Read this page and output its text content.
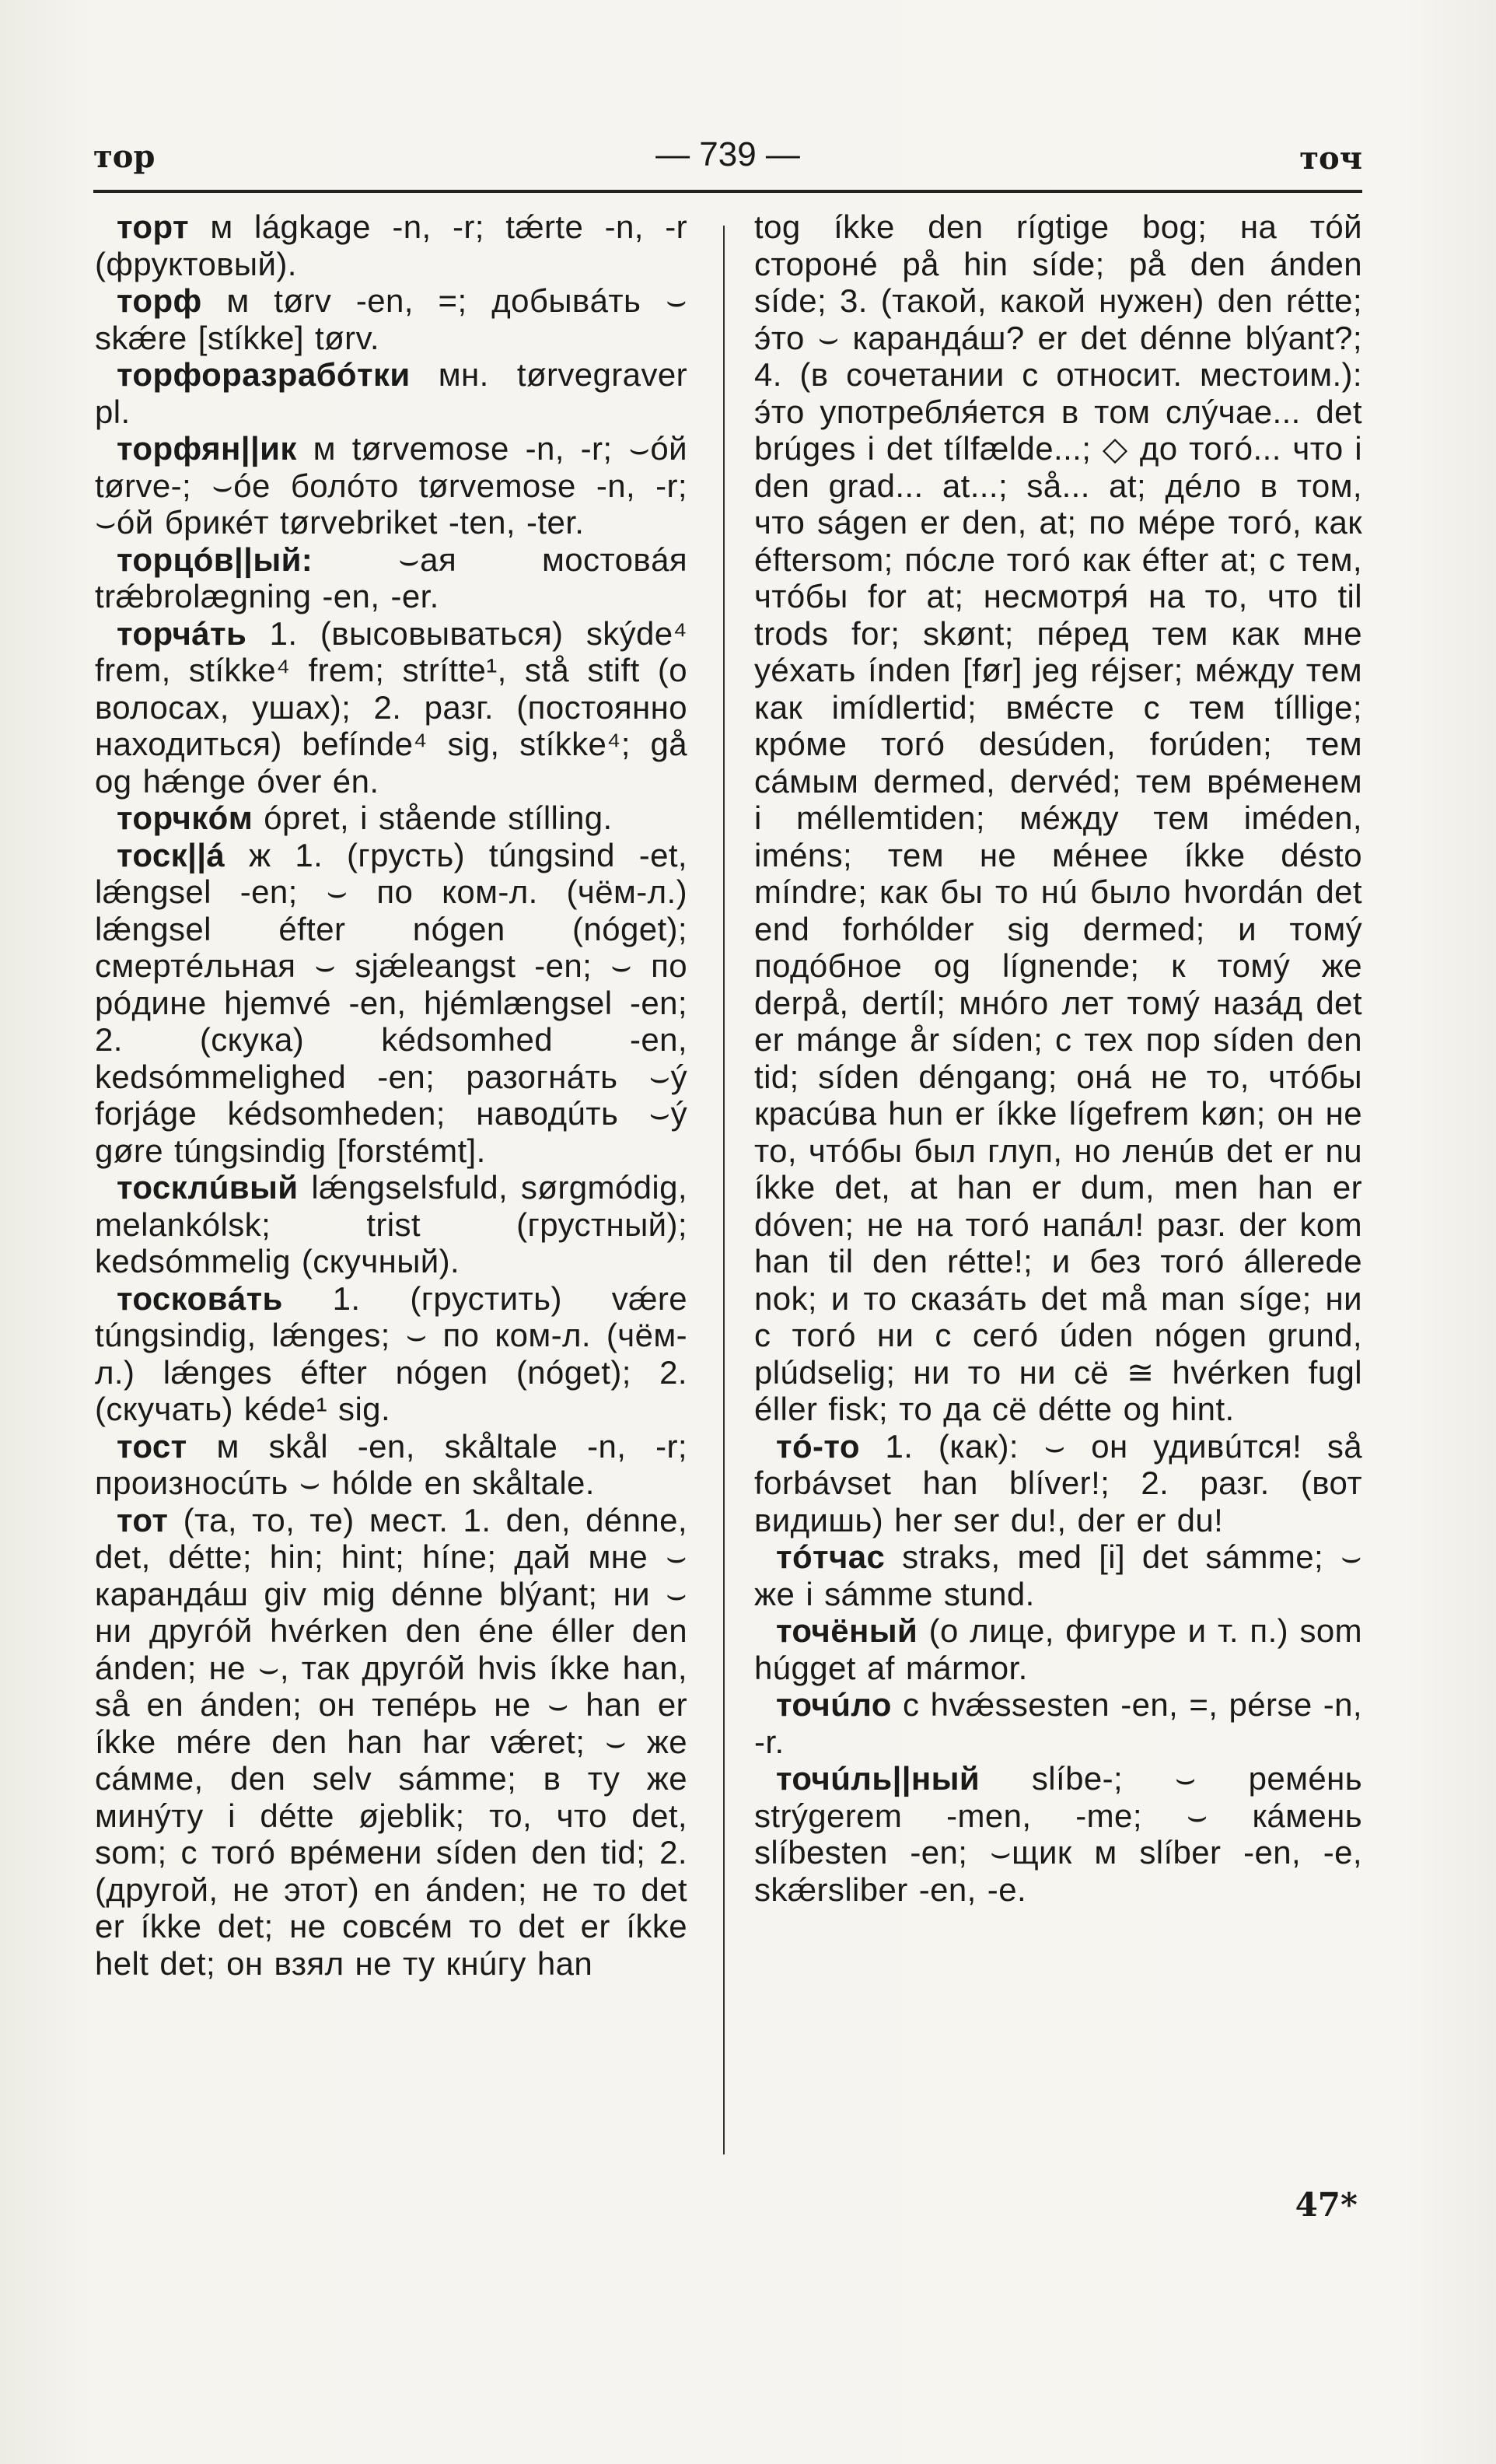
тор	— 739 —	точ

торт м lágkage -n, -r; tǽrte -n, -r (фруктовый).

торф м tørv -en, =; добывáть ⌣ skǽre [stíkke] tørv.

торфоразрабóтки мн. tørvegraver pl.

торфян||ик м tørvemose -n, -r; ⌣óй tørve-; ⌣óе болóто tørvemose -n, -r; ⌣óй брикéт tørvebriket -ten, -ter.

торцóв||ый: ⌣ая мостовáя trǽbrolægning -en, -er.

торчáть 1. (высовываться) skýde⁴ frem, stíkke⁴ frem; strítte¹, stå stift (о волосах, ушах); 2. разг. (постоянно находиться) befínde⁴ sig, stíkke⁴; gå og hǽnge óver én.

торчкóм ópret, i stående stílling.

тоск||á ж 1. (грусть) túngsind -et, lǽngsel -en; ⌣ по ком-л. (чём-л.) lǽngsel éfter nógen (nóget); смертéльная ⌣ sjǽleangst -en; ⌣ по рóдине hjemvé -en, hjémlængsel -en; 2. (скука) kédsomhed -en, kedsómmelighed -en; разогнáть ⌣ý forjáge kédsomheden; наводúть ⌣ý gøre túngsindig [forstémt].

тосклúвый lǽngselsfuld, sørgmódig, melankólsk; trist (грустный); kedsómmelig (скучный).

тосковáть 1. (грустить) vǽre túngsindig, lǽnges; ⌣ по ком-л. (чём-л.) lǽnges éfter nógen (nóget); 2. (скучать) kéde¹ sig.

тост м skål -en, skåltale -n, -r; произносúть ⌣ hólde en skåltale.

тот (та, то, те) мест. 1. den, dénne, det, détte; hin; hint; híne; дай мне ⌣ карандáш giv mig dénne blýant; ни ⌣ ни другóй hvérken den éne éller den ánden; не ⌣, так другóй hvis íkke han, så en ánden; он тепéрь не ⌣ han er íkke mére den han har vǽret; ⌣ же сáмме, den selv sámme; в ту же минýту i détte øjeblik; то, что det, som; с тогó врéмени síden den tid; 2. (другой, не этот) en ánden; не то det er íkke det; не совсéм то det er íkke helt det; он взял не ту кнúгу han

tog íkke den rígtige bog; на тóй сторонé på hin síde; på den ánden síde; 3. (такой, какой нужен) den rétte; э́то ⌣ карандáш? er det dénne blýant?; 4. (в сочетании с относит. местоим.): э́то употребля́ется в том слýчае... det brúges i det tílfælde...; ◇ до тогó... что i den grad... at...; så... at; дéло в том, что ságen er den, at; по мéре тогó, как éftersom; пóсле тогó как éfter at; с тем, чтóбы for at; несмотря́ на то, что til trods for; skønt; пéред тем как мне уéхать índen [før] jeg réjser; мéжду тем как imídlertid; вмéсте с тем tíllige; крóме тогó desúden, forúden; тем сáмым dermed, dervéd; тем врéменем i méllemtiden; мéжду тем iméden, iméns; тем не мéнее íkke désto míndre; как бы то нú было hvordán det end forhólder sig dermed; и томý подóбное og lígnende; к томý же derpå, dertíl; мнóго лет томý назáд det er mánge år síden; с тех пор síden den tid; síden déngang; онá не то, чтóбы красúва hun er íkke lígefrem køn; он не то, чтóбы был глуп, но ленúв det er nu íkke det, at han er dum, men han er dóven; не на тогó напáл! разг. der kom han til den rétte!; и без тогó állerede nok; и то сказáть det må man síge; ни с тогó ни с сегó úden nógen grund, plúdselig; ни то ни сё ≅ hvérken fugl éller fisk; то да сё détte og hint.

тó-то 1. (как): ⌣ он удивúтся! så forbávset han blíver!; 2. разг. (вот видишь) her ser du!, der er du!

тóтчас straks, med [i] det sámme; ⌣ же i sámme stund.

точёный (о лице, фигуре и т. п.) som húgget af mármor.

точúло с hvǽssesten -en, =, pérse -n, -r.

точúль||ный slíbe-; ⌣ ремéнь strýgerem -men, -me; ⌣ кáмень slíbesten -en; ⌣щик м slíber -en, -e, skǽrsliber -en, -e.

47*
